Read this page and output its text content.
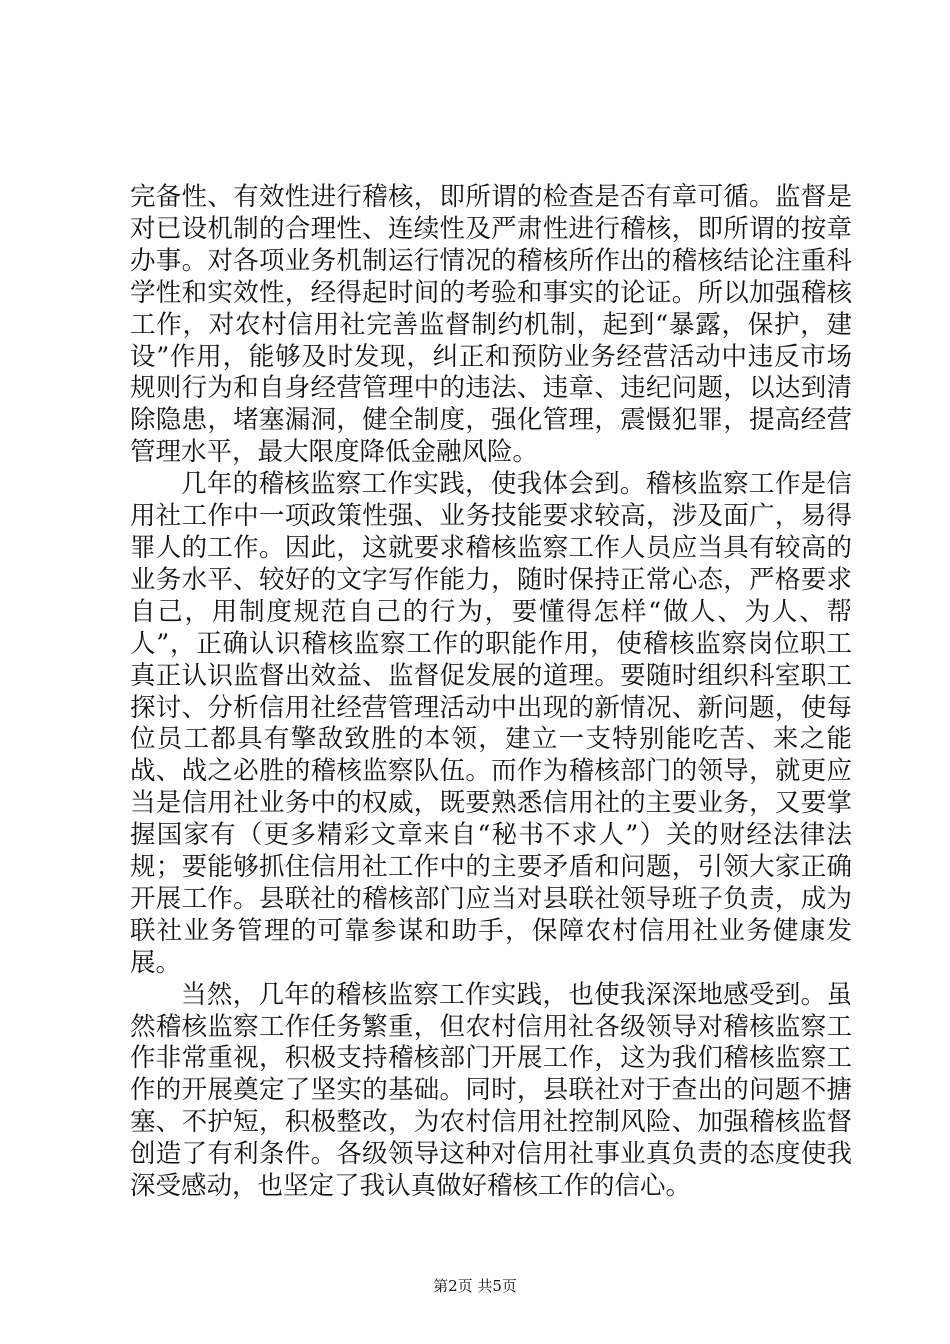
完备性、有效性进行稽核，即所谓的检查是否有章可循。监督是对已设机制的合理性、连续性及严肃性进行稽核，即所谓的按章办事。对各项业务机制运行情况的稽核所作出的稽核结论注重科学性和实效性，经得起时间的考验和事实的论证。所以加强稽核工作，对农村信用社完善监督制约机制，起到“暴露，保护，建设”作用，能够及时发现，纠正和预防业务经营活动中违反市场规则行为和自身经营管理中的违法、违章、违纪问题，以达到清除隐患，堵塞漏洞，健全制度，强化管理，震慑犯罪，提高经营管理水平，最大限度降低金融风险。

几年的稽核监察工作实践，使我体会到。稽核监察工作是信用社工作中一项政策性强、业务技能要求较高，涉及面广，易得罪人的工作。因此，这就要求稽核监察工作人员应当具有较高的业务水平、较好的文字写作能力，随时保持正常心态，严格要求自己，用制度规范自己的行为，要懂得怎样“做人、为人、帮人”，正确认识稽核监察工作的职能作用，使稽核监察岗位职工真正认识监督出效益、监督促发展的道理。要随时组织科室职工探讨、分析信用社经营管理活动中出现的新情况、新问题，使每位员工都具有擎敌致胜的本领，建立一支特别能吃苦、来之能战、战之必胜的稽核监察队伍。而作为稽核部门的领导，就更应当是信用社业务中的权威，既要熟悉信用社的主要业务，又要掌握国家有（更多精彩文章来自“秘书不求人”）关的财经法律法规；要能够抓住信用社工作中的主要矛盾和问题，引领大家正确开展工作。县联社的稽核部门应当对县联社领导班子负责，成为联社业务管理的可靠参谋和助手，保障农村信用社业务健康发展。

当然，几年的稽核监察工作实践，也使我深深地感受到。虽然稽核监察工作任务繁重，但农村信用社各级领导对稽核监察工作非常重视，积极支持稽核部门开展工作，这为我们稽核监察工作的开展奠定了坚实的基础。同时，县联社对于查出的问题不搪塞、不护短，积极整改，为农村信用社控制风险、加强稽核监督创造了有利条件。各级领导这种对信用社事业真负责的态度使我深受感动，也坚定了我认真做好稽核工作的信心。

第2页 共5页
